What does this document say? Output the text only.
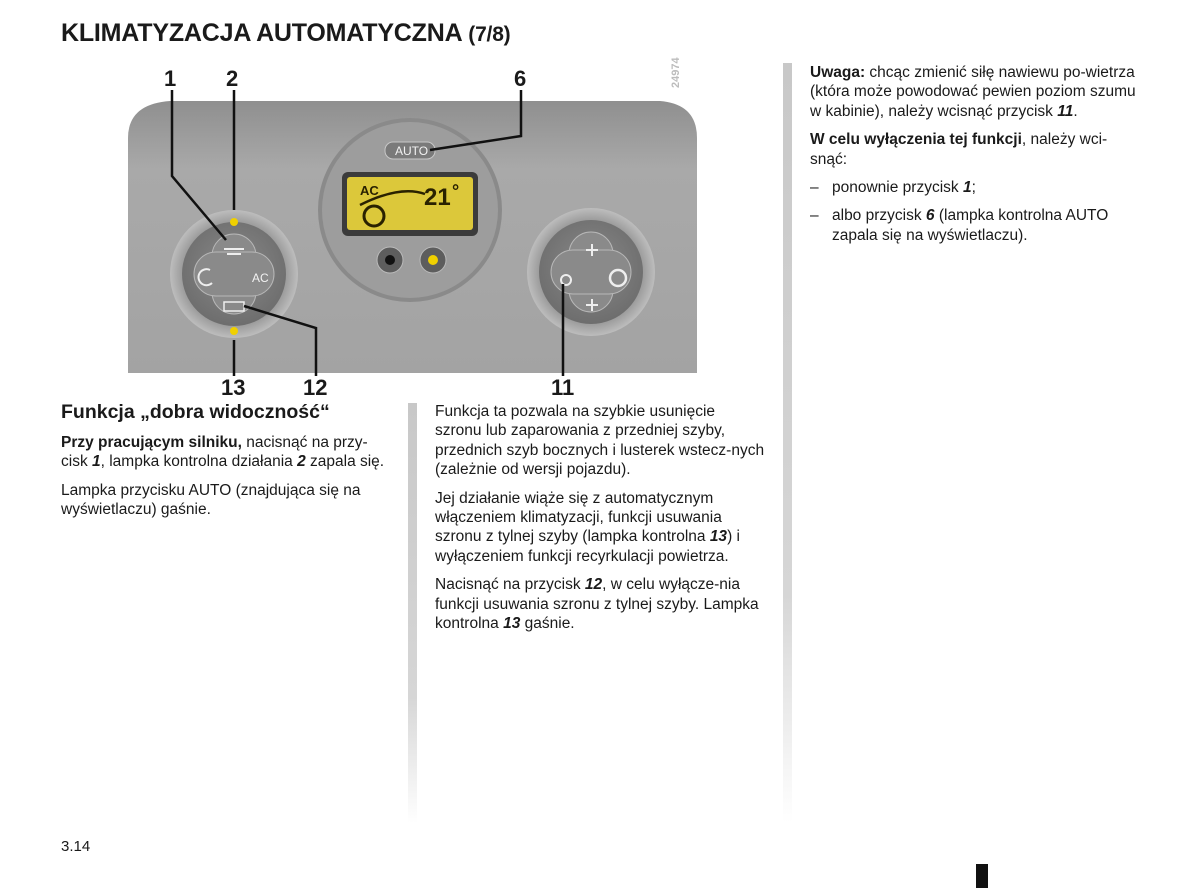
KLIMATYZACJA AUTOMATYCZNA (7/8)
24974
AUTO
AC
AC 21 °
1 2	6
13	12	11
Funkcja „dobra widoczność“

Przy pracującym silniku, nacisnąć na przy-cisk 1, lampka kontrolna działania 2 zapala się.

Lampka przycisku AUTO (znajdująca się na wyświetlaczu) gaśnie.

Funkcja ta pozwala na szybkie usunięcie szronu lub zaparowania z przedniej szyby, przednich szyb bocznych i lusterek wstecz-nych (zależnie od wersji pojazdu).

Jej działanie wiąże się z automatycznym włączeniem klimatyzacji, funkcji usuwania szronu z tylnej szyby (lampka kontrolna 13) i wyłączeniem funkcji recyrkulacji powietrza.

Nacisnąć na przycisk 12, w celu wyłącze-nia funkcji usuwania szronu z tylnej szyby. Lampka kontrolna 13 gaśnie.

Uwaga: chcąc zmienić siłę nawiewu po-wietrza (która może powodować pewien poziom szumu w kabinie), należy wcisnąć przycisk 11.

W celu wyłączenia tej funkcji, należy wci-snąć:

– ponownie przycisk 1;
– albo przycisk 6 (lampka kontrolna AUTO zapala się na wyświetlaczu).
3.14
